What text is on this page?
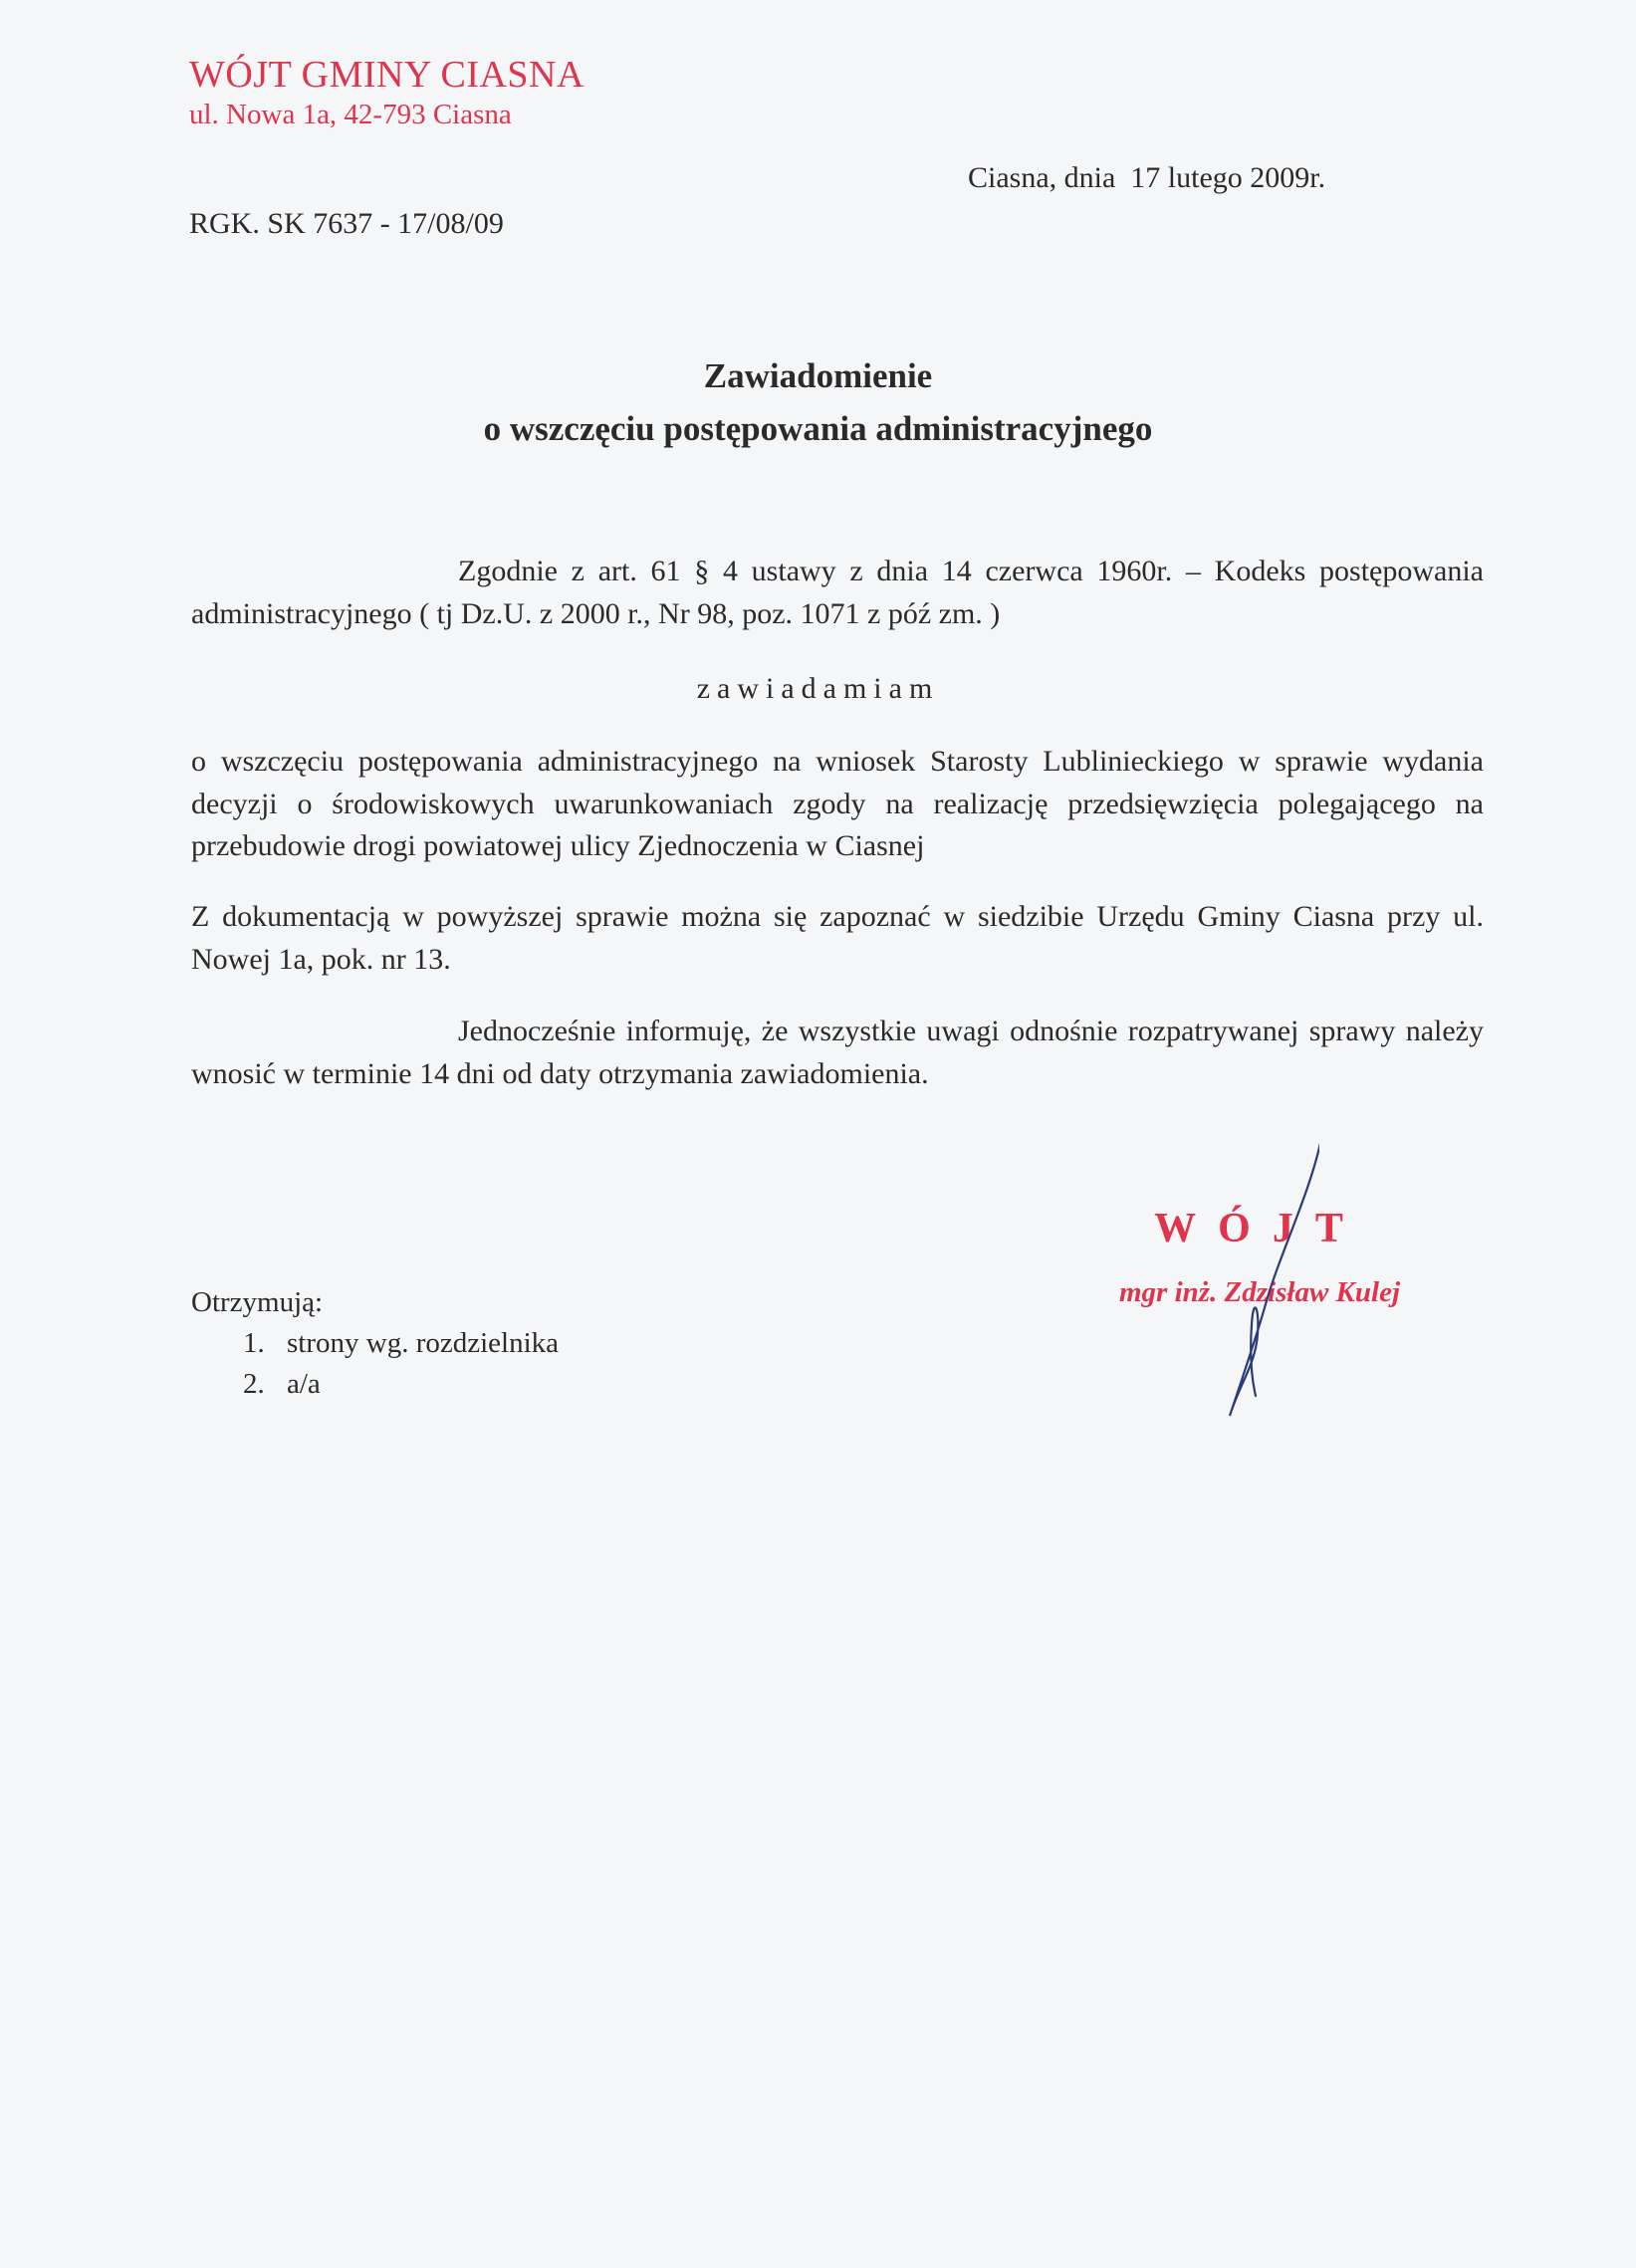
WÓJT GMINY CIASNA
ul. Nowa 1a, 42-793 Ciasna
Ciasna, dnia  17 lutego 2009r.
RGK. SK 7637 - 17/08/09
Zawiadomienie
o wszczęciu postępowania administracyjnego
Zgodnie z art. 61 § 4 ustawy z dnia 14 czerwca 1960r. – Kodeks postępowania administracyjnego ( tj Dz.U. z 2000 r., Nr 98, poz. 1071 z póź zm. )
zawiadamiam
o wszczęciu postępowania administracyjnego na wniosek Starosty Lublinieckiego w sprawie wydania decyzji o środowiskowych uwarunkowaniach zgody na realizację przedsięwzięcia polegającego na przebudowie drogi powiatowej ulicy Zjednoczenia w Ciasnej
Z dokumentacją w powyższej sprawie można się zapoznać w siedzibie Urzędu Gminy Ciasna przy ul. Nowej 1a, pok. nr 13.
Jednocześnie informuję, że wszystkie uwagi odnośnie rozpatrywanej sprawy należy wnosić w terminie 14 dni od daty otrzymania zawiadomienia.
Otrzymują:
1. strony wg. rozdzielnika
2. a/a
WÓJT
mgr inż. Zdzisław Kulej
